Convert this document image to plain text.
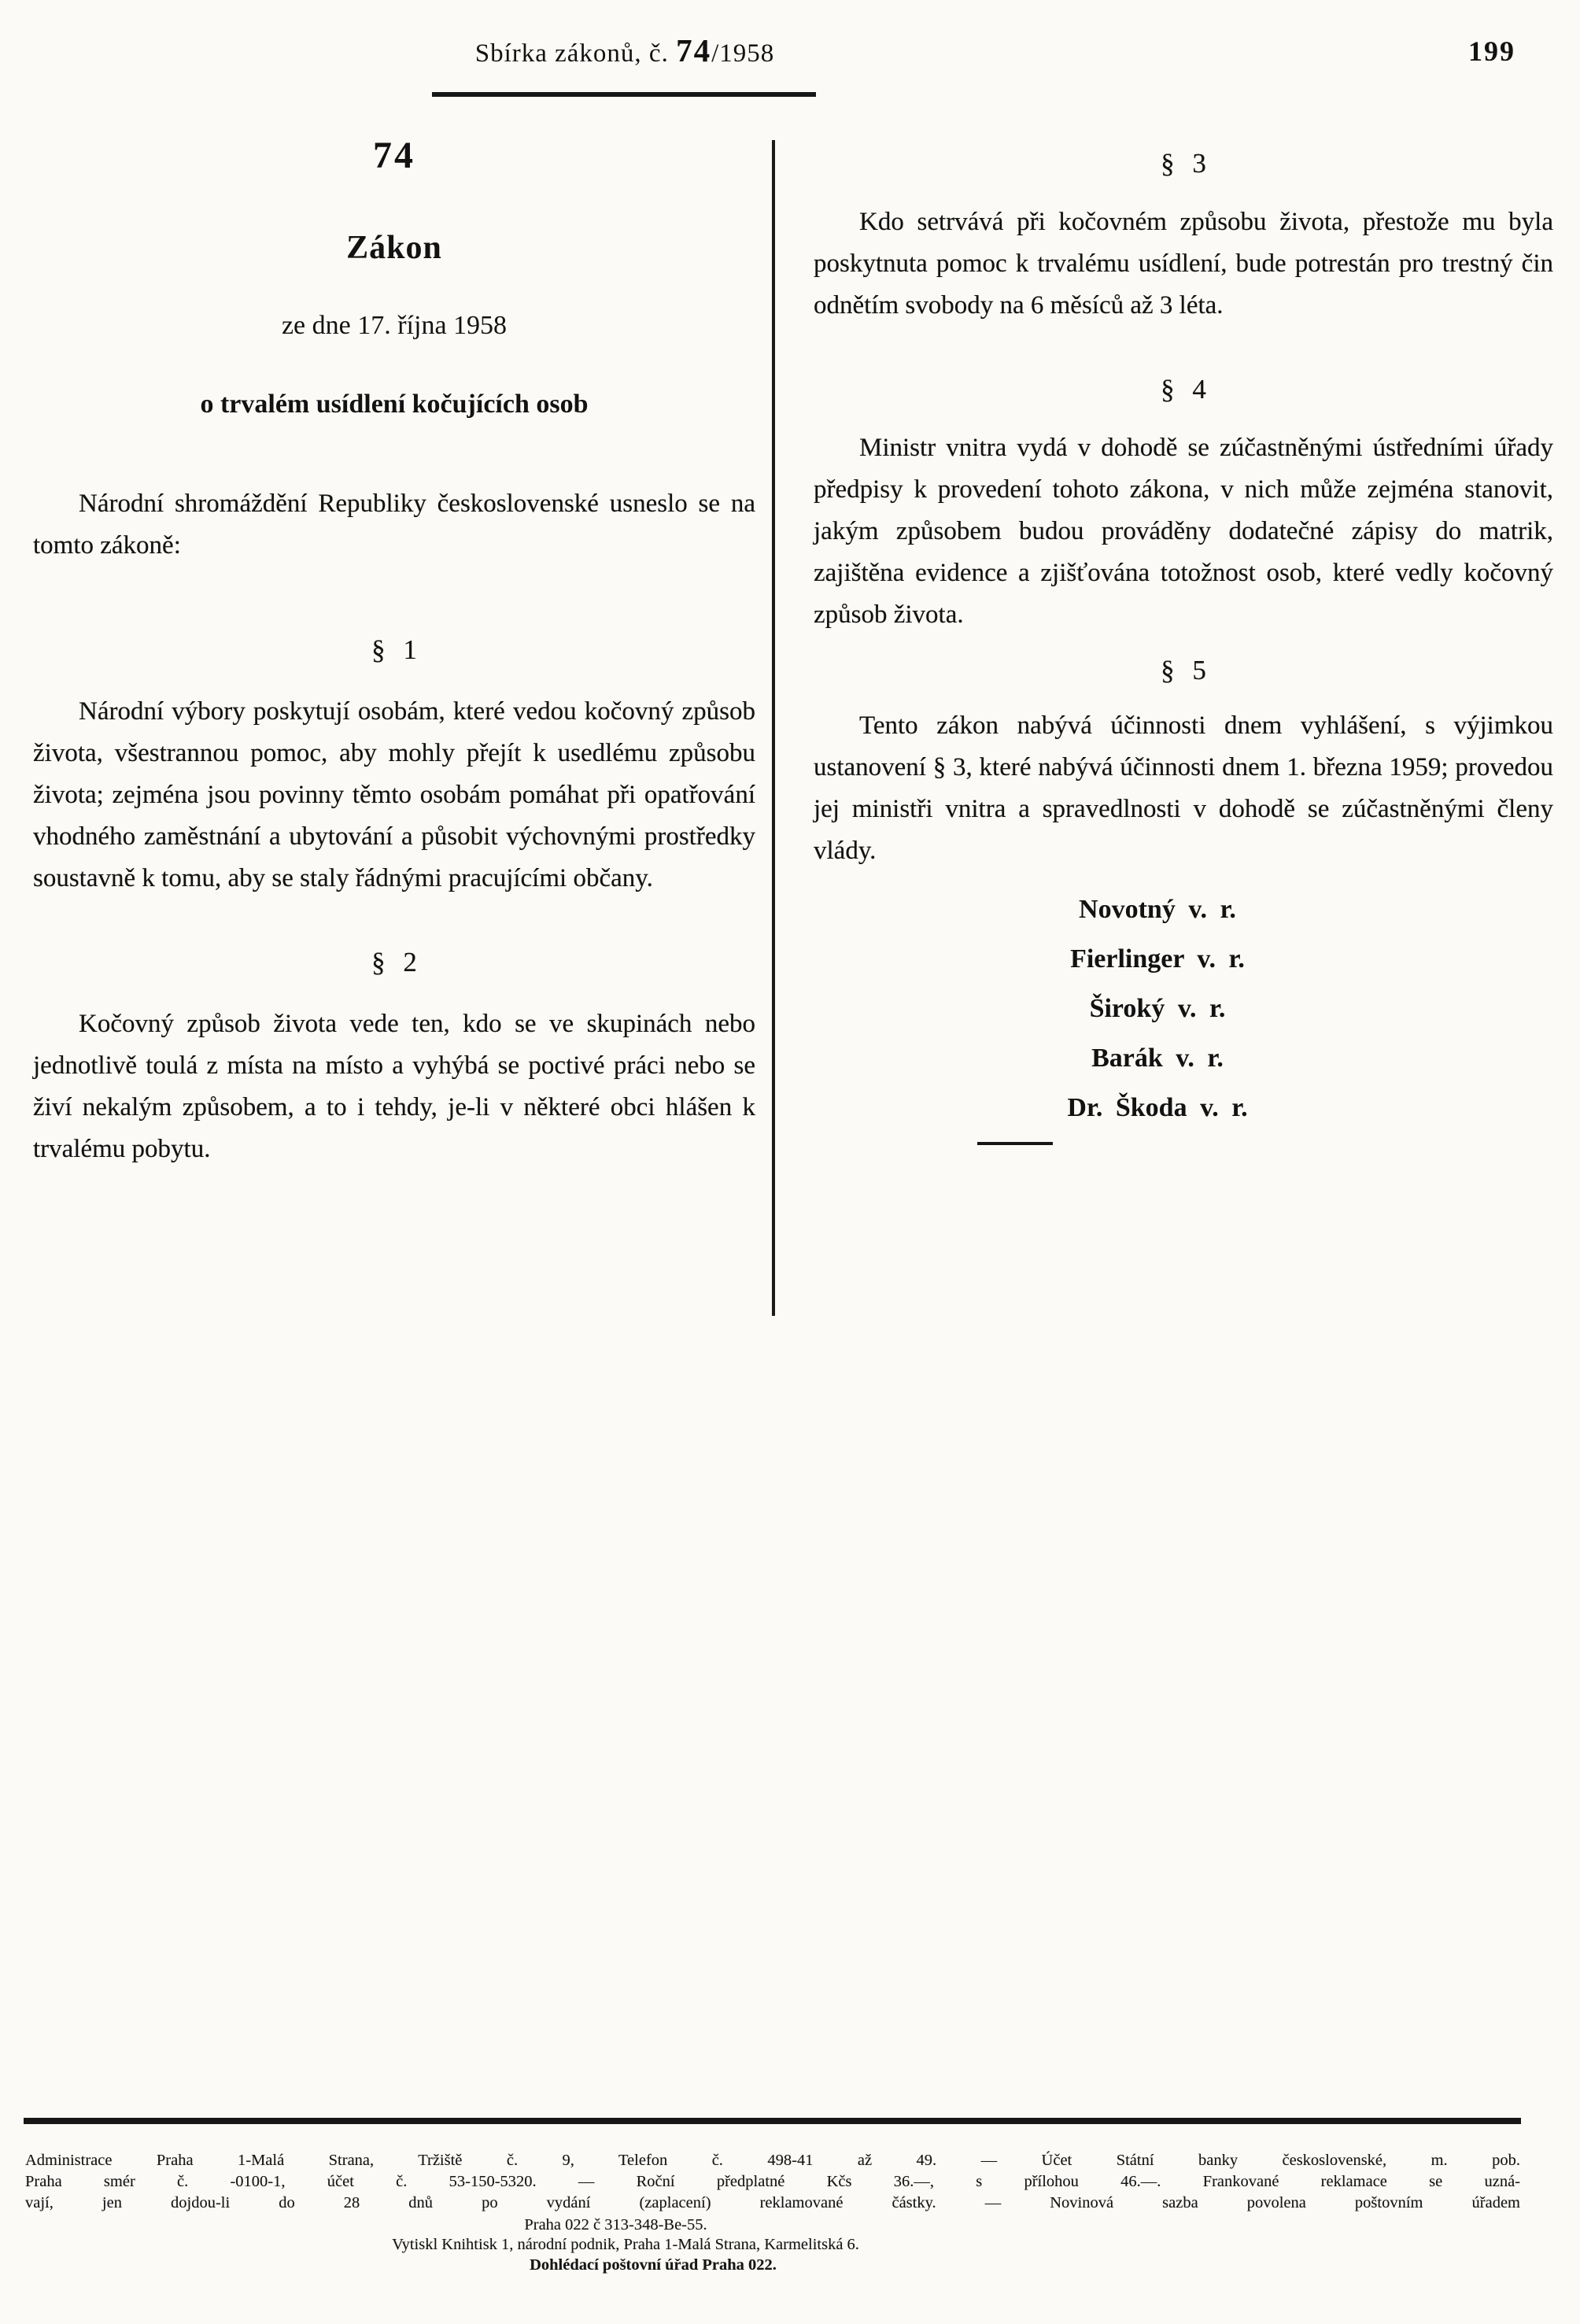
Sbírka zákonů, č. 74/1958	199
74
Zákon
ze dne 17. října 1958
o trvalém usídlení kočujících osob

Národní shromáždění Republiky československé usneslo se na tomto zákoně:

§ 1

Národní výbory poskytují osobám, které vedou kočovný způsob života, všestrannou pomoc, aby mohly přejít k usedlému způsobu života; zejména jsou povinny těmto osobám pomáhat při opatřování vhodného zaměstnání a ubytování a působit výchovnými prostředky soustavně k tomu, aby se staly řádnými pracujícími občany.

§ 2

Kočovný způsob života vede ten, kdo se ve skupinách nebo jednotlivě toulá z místa na místo a vyhýbá se poctivé práci nebo se živí nekalým způsobem, a to i tehdy, je-li v některé obci hlášen k trvalému pobytu.

§ 3

Kdo setrvává při kočovném způsobu života, přestože mu byla poskytnuta pomoc k trvalému usídlení, bude potrestán pro trestný čin odnětím svobody na 6 měsíců až 3 léta.

§ 4

Ministr vnitra vydá v dohodě se zúčastněnými ústředními úřady předpisy k provedení tohoto zákona, v nich může zejména stanovit, jakým způsobem budou prováděny dodatečné zápisy do matrik, zajištěna evidence a zjišťována totožnost osob, které vedly kočovný způsob života.

§ 5

Tento zákon nabývá účinnosti dnem vyhlášení, s výjimkou ustanovení § 3, které nabývá účinnosti dnem 1. března 1959; provedou jej ministři vnitra a spravedlnosti v dohodě se zúčastněnými členy vlády.

Novotný v. r.
Fierlinger v. r.
Široký v. r.
Barák v. r.
Dr. Škoda v. r.
Administrace Praha 1-Malá Strana, Tržiště č. 9, Telefon č. 498-41 až 49. — Účet Státní banky československé, m. pob.
Praha smér č. -0100-1, účet č. 53-150-5320. — Roční předplatné Kčs 36.—, s přílohou 46.—. Frankované reklamace se uzná-
vají, jen dojdou-li do 28 dnů po vydání (zaplacení) reklamované částky. — Novinová sazba povolena poštovním úřadem
Praha 022 č 313-348-Be-55.
Vytiskl Knihtisk 1, národní podnik, Praha 1-Malá Strana, Karmelitská 6.
Dohlédací poštovní úřad Praha 022.
